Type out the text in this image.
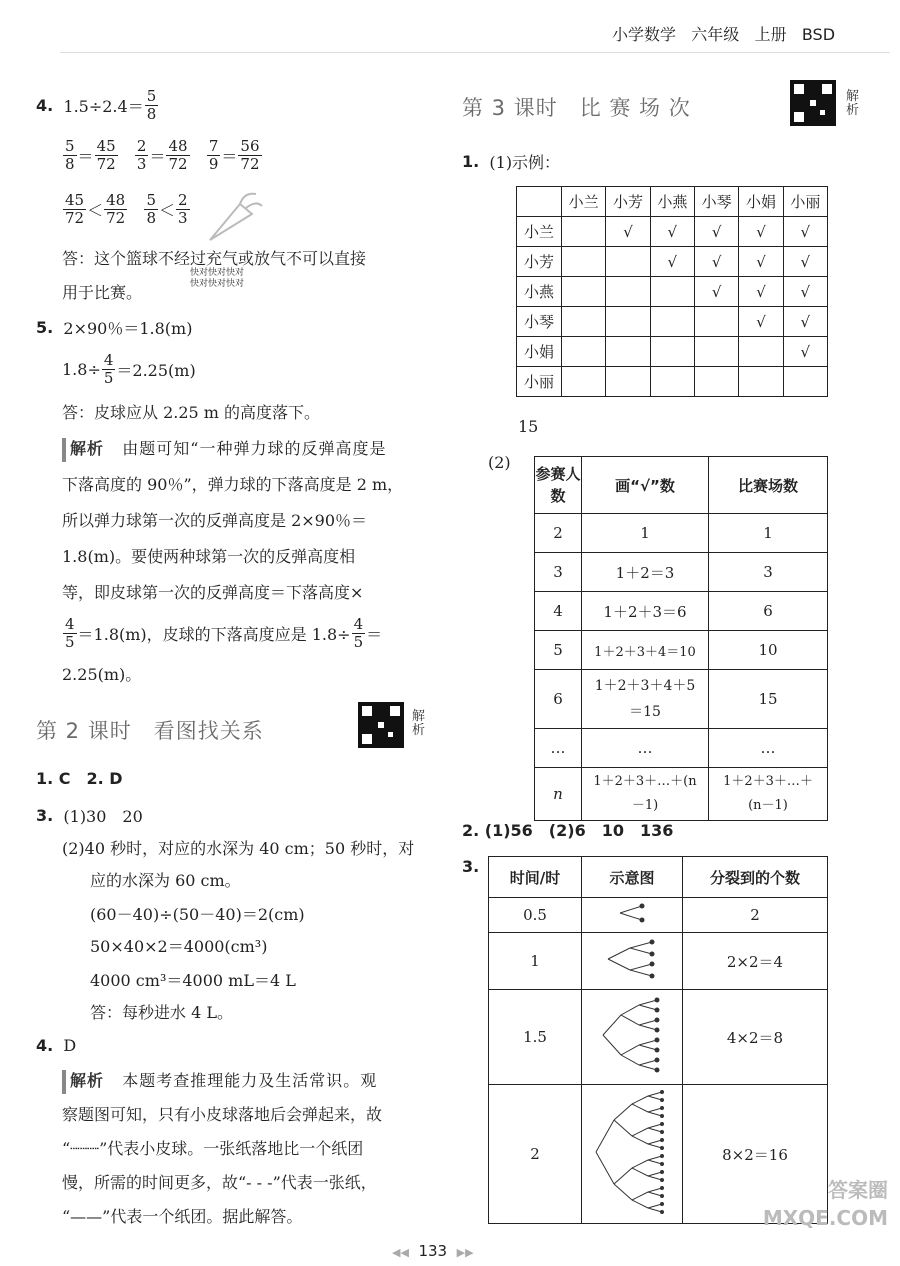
小学数学 六年级 上册 BSD
4.
$1.5\div 2.4= \frac{5}{8}$
$\frac{5}{8} = \frac{45}{72}$
$\frac{2}{3} = \frac{48}{72}$
$\frac{7}{9} = \frac{56}{72}$
$\frac{45}{72} < \frac{48}{72}$
$\frac{5}{8} < \frac{2}{3}$
快对快对快对
快对快对快对
答：这个篮球不经过充气或放气不可以直接
用于比赛。
5.
2×90％＝1.8(m)
$1.8\div \frac{4}{5} =2.25(m)$
答：皮球应从 2.25 m 的高度落下。
解析 由题可知“一种弹力球的反弹高度是
下落高度的 90％”，弹力球的下落高度是 2 m，
所以弹力球第一次的反弹高度是 2×90％＝
1.8(m)。要使两种球第一次的反弹高度相
等，即皮球第一次的反弹高度＝下落高度×
$\frac{4}{5} =1.8(m)$，皮球的下落高度应是 $1.8\div \frac{4}{5}$ ＝
2.25(m)。
第 2 课时　看图找关系
解析
1. C　2. D
3.
(1)30　20
(2)40 秒时，对应的水深为 40 cm；50 秒时，对
应的水深为 60 cm。
(60－40)÷(50－40)＝2(cm)
50×40×2＝4000(cm³)
4000 cm³＝4000 mL＝4 L
答：每秒进水 4 L。
4.
D
解析 本题考查推理能力及生活常识。观
察题图可知，只有小皮球落地后会弹起来，故
“┈┈┈”代表小皮球。一张纸落地比一个纸团
慢，所需的时间更多，故“- - -”代表一张纸，
“——”代表一个纸团。据此解答。
第 3 课时　比 赛 场 次	解析
1.
(1)示例：
	小兰	小芳	小燕	小琴	小娟	小丽
小兰		√	√	√	√	√
小芳			√	√	√	√
小燕				√	√	√
小琴					√	√
小娟						√
小丽						
15
(2)
参赛人数	画“√”数	比赛场数
2	1	1
3	1＋2＝3	3
4	1＋2＋3＝6	6
5	1＋2＋3＋4＝10	10
6	1＋2＋3＋4＋5＝15	15
…	…	…
n	1＋2＋3＋…＋(n－1)	1＋2＋3＋…＋(n－1)
2. (1)56　(2)6　10　136
3.
时间/时	示意图	分裂到的个数
0.5		2
1		2×2＝4
1.5		4×2＝8
2		8×2＝16
答案圈 MXQE.COM
◀◀ 133 ▶▶
